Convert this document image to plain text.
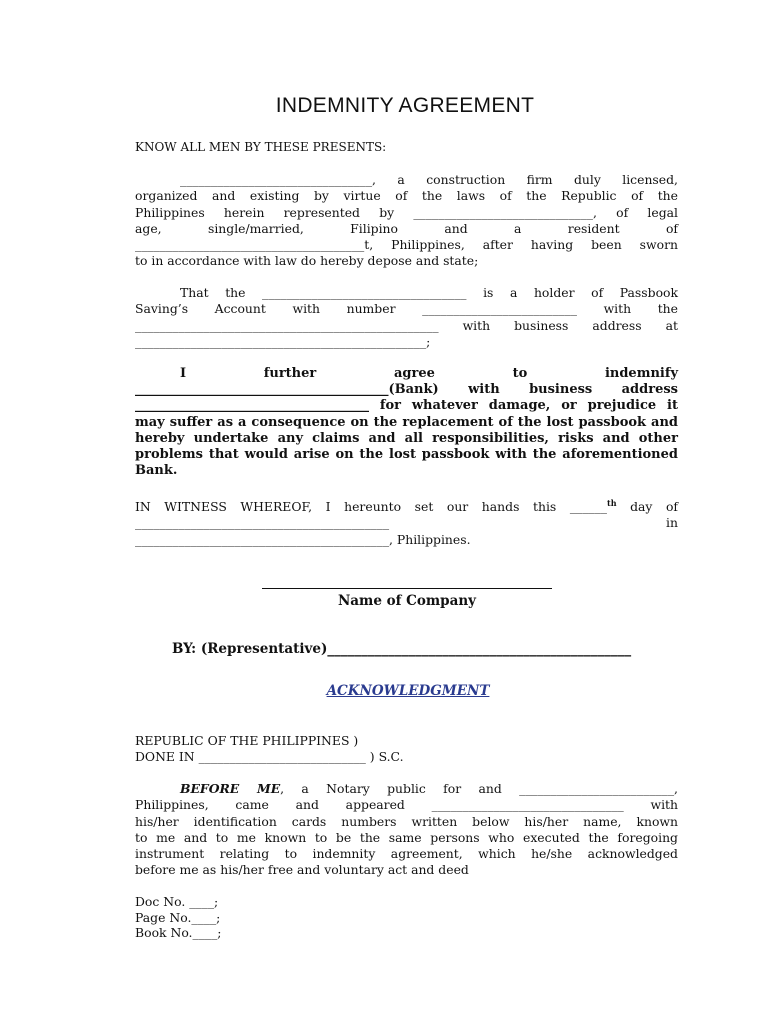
INDEMNITY AGREEMENT
KNOW ALL MEN BY THESE PRESENTS:

_______________________________, a construction firm duly licensed,

organized and existing by virtue of the laws of the Republic of the

Philippines herein represented by _____________________________, of legal

age, single/married, Filipino and a resident of

_____________________________________t, Philippines, after having been sworn

to in accordance with law do hereby depose and state;

That the _________________________________ is a holder of Passbook

Saving’s Account with number _________________________ with the

_________________________________________________ with business address at

_______________________________________________;

I further agree to indemnify

_______________________________________(Bank) with business address

____________________________________ for whatever damage, or prejudice it

may suffer as a consequence on the replacement of the lost passbook and

hereby undertake any claims and all responsibilities, risks and other

problems that would arise on the lost passbook with the aforementioned

Bank.

IN WITNESS WHEREOF, I hereunto set our hands this ______$^{th}$ day of

_________________________________________ in

_________________________________________, Philippines.

Name of Company
BY: (Representative)_____________________________________________
ACKNOWLEDGMENT

REPUBLIC OF THE PHILIPPINES )

DONE IN ___________________________ ) S.C.

BEFORE ME, a Notary public for and _________________________,

Philippines, came and appeared _______________________________ with

his/her identification cards numbers written below his/her name, known

to me and to me known to be the same persons who executed the foregoing

instrument relating to indemnity agreement, which he/she acknowledged

before me as his/her free and voluntary act and deed

Doc No. ____;

Page No.____;

Book No.____;
